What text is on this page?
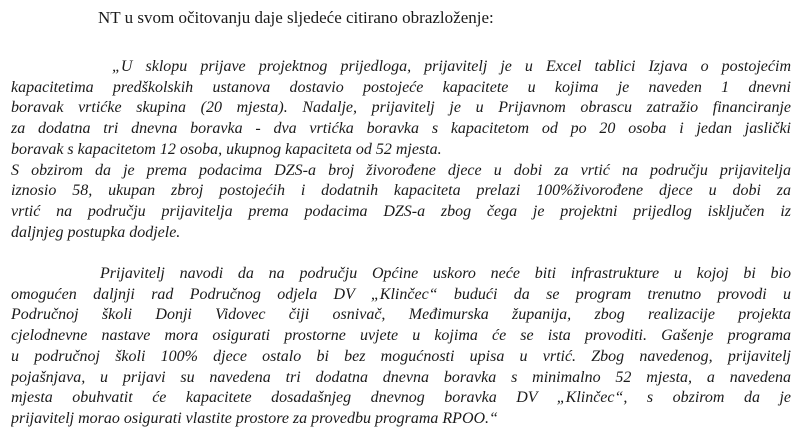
NT u svom očitovanju daje sljedeće citirano obrazloženje:
„U sklopu prijave projektnog prijedloga, prijavitelj je u Excel tablici Izjava o postojećim
kapacitetima predškolskih ustanova dostavio postojeće kapacitete u kojima je naveden 1 dnevni
boravak vrtićke skupina (20 mjesta). Nadalje, prijavitelj je u Prijavnom obrascu zatražio financiranje
za dodatna tri dnevna boravka - dva vrtićka boravka s kapacitetom od po 20 osoba i jedan jaslički
boravak s kapacitetom 12 osoba, ukupnog kapaciteta od 52 mjesta.
S obzirom da je prema podacima DZS-a broj živorođene djece u dobi za vrtić na području prijavitelja
iznosio 58, ukupan zbroj postojećih i dodatnih kapaciteta prelazi 100%živorođene djece u dobi za
vrtić na području prijavitelja prema podacima DZS-a zbog čega je projektni prijedlog isključen iz
daljnjeg postupka dodjele.
Prijavitelj navodi da na području Općine uskoro neće biti infrastrukture u kojoj bi bio
omogućen daljnji rad Područnog odjela DV „Klinčec“ budući da se program trenutno provodi u
Područnoj školi Donji Vidovec čiji osnivač, Međimurska županija, zbog realizacije projekta
cjelodnevne nastave mora osigurati prostorne uvjete u kojima će se ista provoditi. Gašenje programa
u područnoj školi 100% djece ostalo bi bez mogućnosti upisa u vrtić. Zbog navedenog, prijavitelj
pojašnjava, u prijavi su navedena tri dodatna dnevna boravka s minimalno 52 mjesta, a navedena
mjesta obuhvatit će kapacitete dosadašnjeg dnevnog boravka DV „Klinčec“, s obzirom da je
prijavitelj morao osigurati vlastite prostore za provedbu programa RPOO.“
